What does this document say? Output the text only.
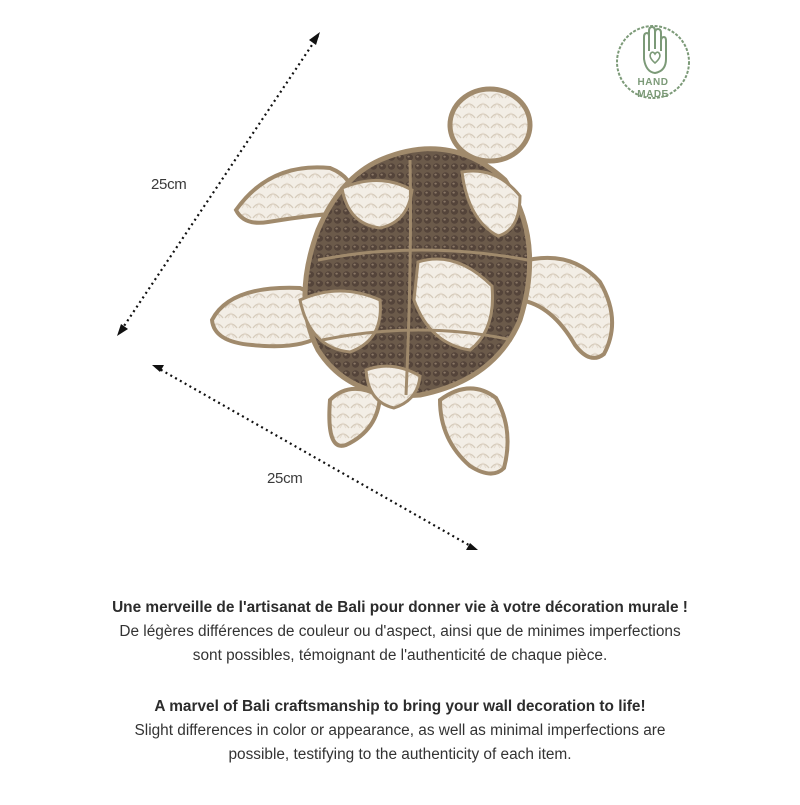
25cm
25cm
HAND
MADE
Une merveille de l'artisanat de Bali pour donner vie à votre décoration murale !
De légères différences de couleur ou d'aspect, ainsi que de minimes imperfections
sont possibles, témoignant de l'authenticité de chaque pièce.
A marvel of Bali craftsmanship to bring your wall decoration to life!
Slight differences in color or appearance, as well as minimal imperfections are
possible, testifying to the authenticity of each item.
